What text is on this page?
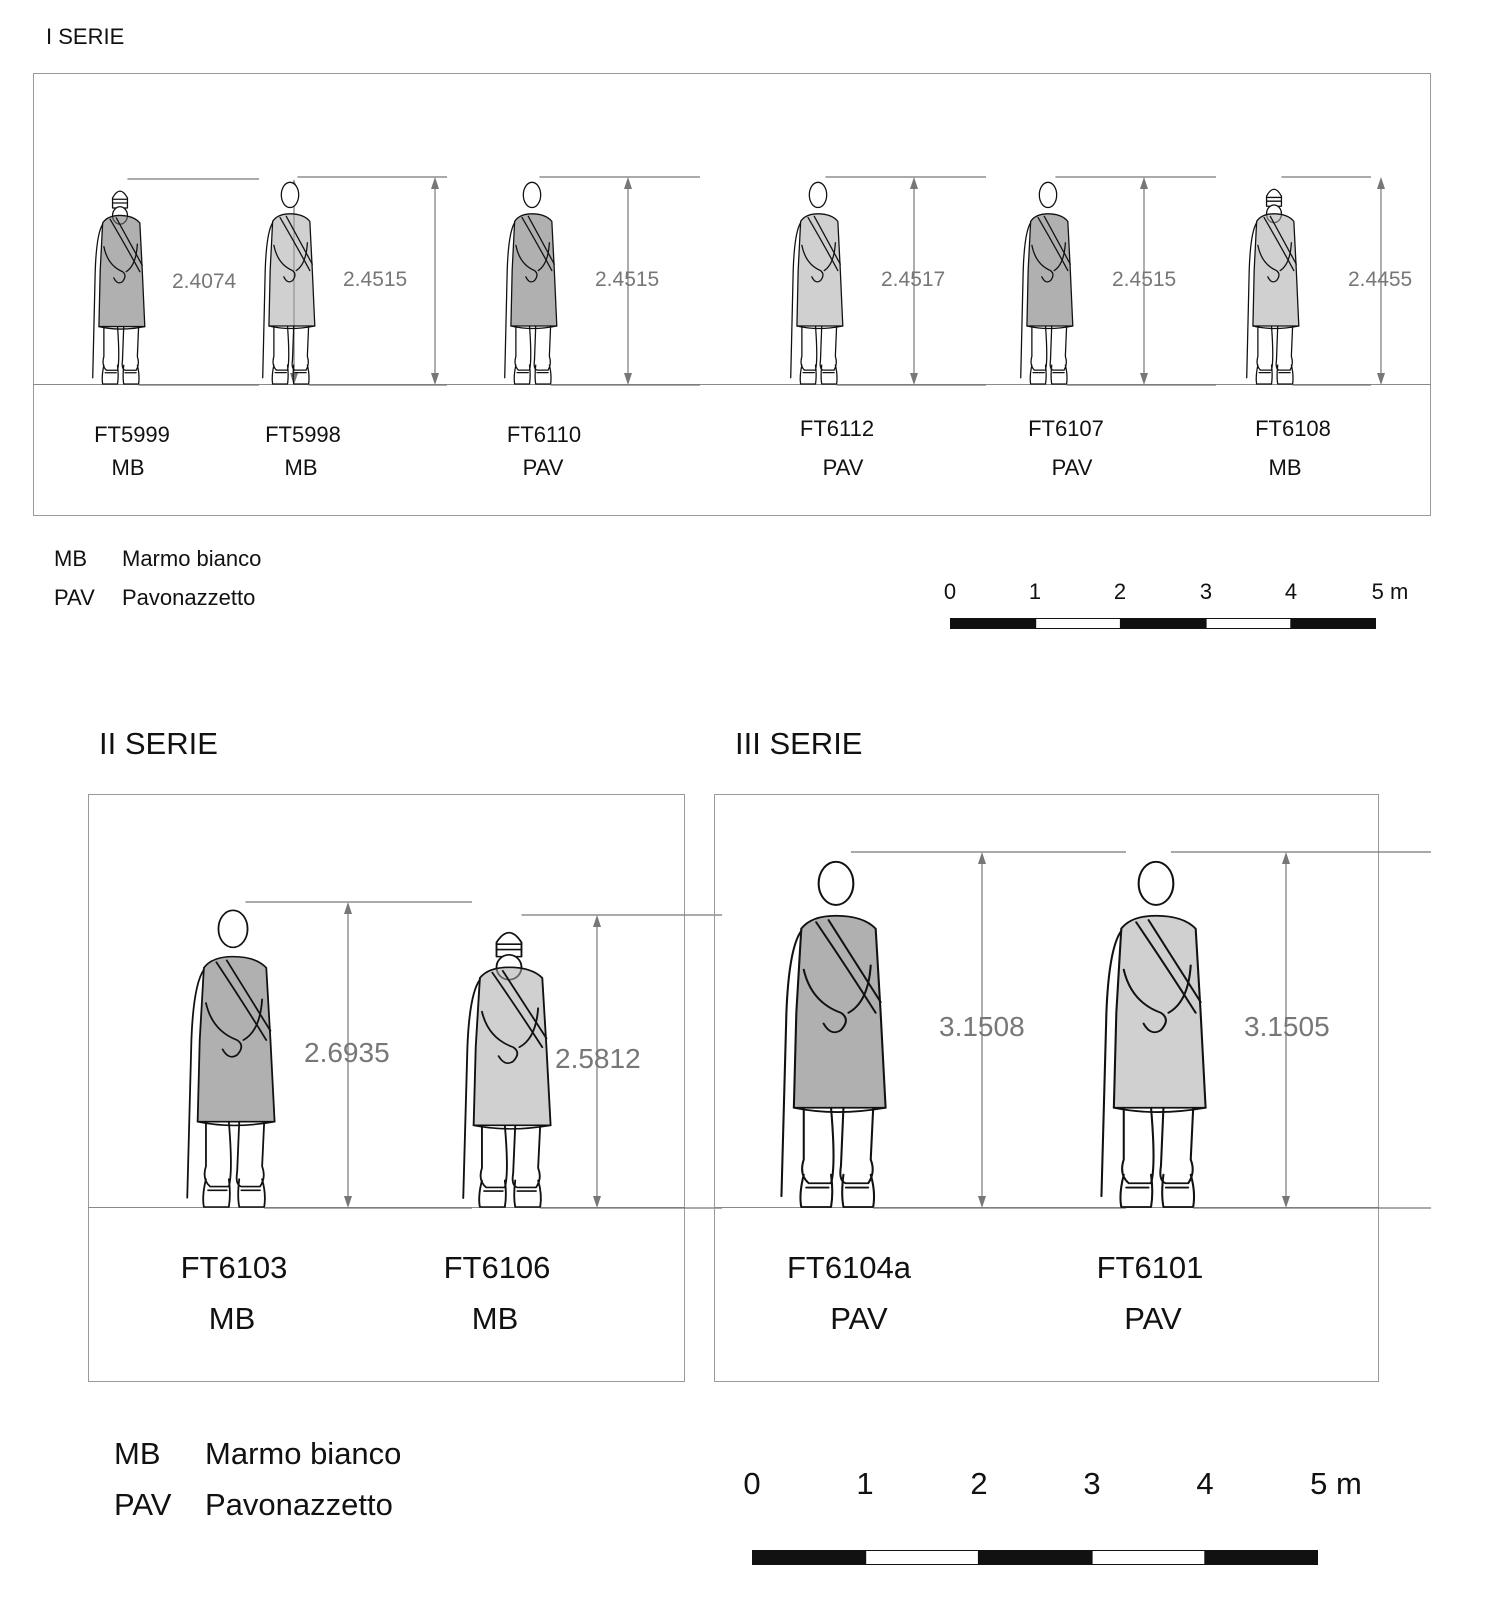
I SERIE
2.4074	2.4515	2.4515	2.4517	2.4515	2.4455
FT5999
MB
FT5998
MB
FT6110
PAV
FT6112
PAV
FT6107
PAV
FT6108
MB
MB Marmo bianco
PAV Pavonazzetto	0	1	2	3	4	5 m
II SERIE
2.6935	2.5812
FT6103
MB
FT6106
MB
III SERIE
3.1508	3.1505
FT6104a
PAV
FT6101
PAV
MB Marmo bianco
PAV Pavonazzetto
0	1	2	3	4	5 m
